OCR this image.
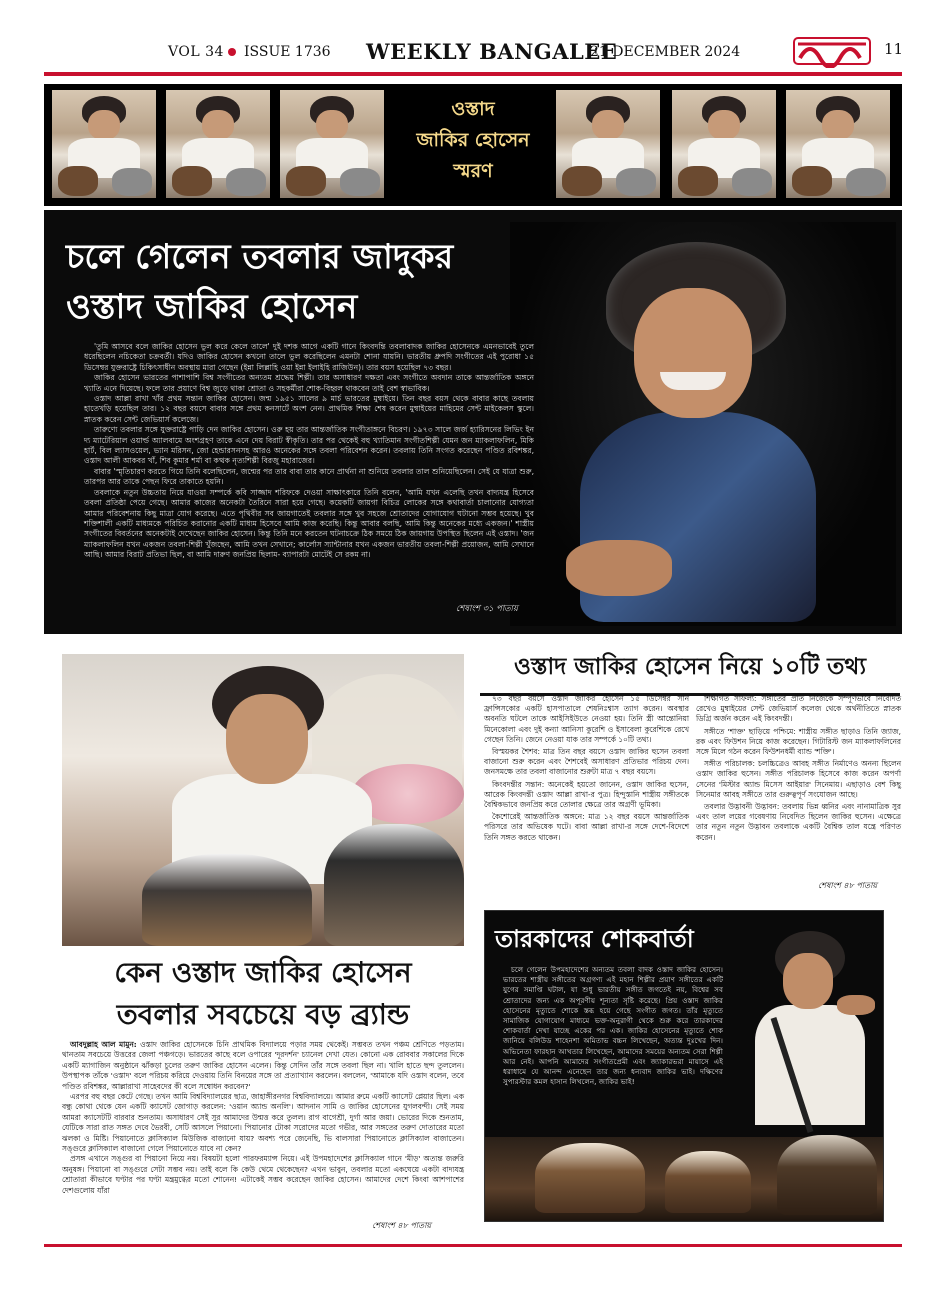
VOL 34 ISSUE 1736 WEEKLY BANGALEE
21 DECEMBER 2024	11
ওস্তাদ
জাকির হোসেন
স্মরণ
চলে গেলেন তবলার জাদুকর
ওস্তাদ জাকির হোসেন

'তুমি আসবে বলে জাকির হোসেন ভুল করে কেলে তালে' দুই দশক আগে একটি গানে কিংবদন্তি তবলাবাদক জাকির হোসেনকে এমনভাবেই তুলে ধরেছিলেন নচিকেতা চক্রবর্তী। যদিও জাকির হোসেন কখনো তালে ভুল করেছিলেন এমনটা শোনা যায়নি। ভারতীয় ধ্রুপদি সংগীতের এই পুরোধা ১৫ ডিসেম্বর যুক্তরাষ্ট্রে চিকিৎসাধীন অবস্থায় মারা গেছেন (ইন্না লিল্লাহি ওয়া ইন্না ইলাইহি রাজিউন)। তার বয়স হয়েছিল ৭৩ বছর।

জাকির হোসেন ভারতের পাশাপাশি বিশ্ব সংগীতের অন্যতম শ্রদ্ধেয় শিল্পী। তার অসাধারণ দক্ষতা এবং সংগীতে অবদান তাকে আন্তর্জাতিক অঙ্গনে খ্যাতি এনে দিয়েছে। ফলে তার প্রয়াণে বিশ্ব জুড়ে থাকা শ্রোতা ও সহকর্মীরা শোক-বিহ্বল থাকবেন তাই বেশ স্বাভাবিক।

ওস্তাদ আল্লা রাখা খাঁর প্রথম সন্তান জাকির হোসেন। জন্ম ১৯৫১ সালের ৯ মার্চ ভারতের মুম্বাইয়ে। তিন বছর বয়স থেকে বাবার কাছে তবলায় হাতেখড়ি হয়েছিল তার। ১২ বছর বয়সে বাবার সঙ্গে প্রথম কনসার্টে অংশ নেন। প্রাথমিক শিক্ষা শেষ করেন মুম্বাইয়ের মাহিমের সেন্ট মাইকেলস স্কুলে। স্নাতক করেন সেন্ট জেভিয়ার্স কলেজে।

তারুণ্যে তবলার সঙ্গে যুক্তরাষ্ট্রে পাড়ি দেন জাকির হোসেন। ওরু হয় তার আন্তর্জাতিক সংগীতাঙ্গনে বিচরণ। ১৯৭৩ সালে জর্জ হ্যারিসনের লিভিং ইন দ্য ম্যাটেরিয়াল ওয়ার্ল্ড অ্যালবামে অংশগ্রহণ তাকে এনে দেয় বিরাট স্বীকৃতি। তার পর থেকেই বহু খ্যাতিমান সংগীতশিল্পী যেমন জন ম্যাকলাফলিন, মিকি হার্ট, বিল ল্যাসওয়েল, ভ্যান মরিসন, জো হেন্ডারসনসহ আরও অনেকের সঙ্গে তবলা পরিবেশন করেন। তবলায় তিনি সংগত করেছেন পণ্ডিত রবিশঙ্কর, ওস্তাদ আলী আকবর খাঁ, শিব কুমার শর্মা বা কত্থক নৃত্যশিল্পী বিরজু মহারাজের।

বাবার 'স্মৃতিচারণ করতে গিয়ে তিনি বলেছিলেন, জন্মের পর তার বাবা তার কানে প্রার্থনা না শুনিয়ে তবলার তাল শুনিয়েছিলেন। সেই যে যাত্রা শুরু, তারপর আর তাকে পেছন ফিরে তাকাতে হয়নি।

তবলাকে নতুন উচ্চতায় নিয়ে যাওয়া সম্পর্কে কবি সাজ্জাদ শরিফকে দেওয়া সাক্ষাৎকারে তিনি বলেন, 'আমি যখন এলেছি তখন বাদ্যযন্ত্র হিসেবে তবলা প্রতিষ্ঠা পেয়ে গেছে। আমার কাজের অনেকটা তৈরিনে সারা হয়ে গেছে। কয়েকটি জায়গা বিচিত্র লোকের সঙ্গে কথাবার্তা চালানোর যোগ্যতা আমার পরিবেশনায় কিছু মাত্রা যোগ করেছে। এতে পৃথিবীর সব জায়গাতেই তবলার সঙ্গে খুব সহজে শ্রোতাদের যোগাযোগ ঘটানো সম্ভব হয়েছে। খুব শক্তিশালী একটি মাধ্যমকে পরিচিত করানোর একটি মাধ্যম হিসেবে আমি কাজ করেছি। কিন্তু আবার বলছি, আমি কিন্তু অনেকের মধ্যে একজন।' শাস্ত্রীয় সংগীতের বিবর্তনের অনেকটাই দেখেছেন জাকির হোসেন। কিন্তু তিনি মনে করতেন ঘটনাচক্রে ঠিক সময়ে ঠিক জায়গায় উপস্থিত ছিলেন এই ওস্তাদ। 'জন ম্যাকলাফলিন যখন একজন তবলা-শিল্পী খুঁজছেন, আমি তখন সেখানে; কার্লোস স্যান্টানার যখন একজন ভারতীয় তবলা-শিল্পী প্রয়োজন, আমি সেখানে আছি। আমার বিরাট প্রতিভা ছিল, বা আমি দারুণ জনপ্রিয় ছিলাম- ব্যাপারটা মোটেই সে রকম না।

শেষাংশ ৩১ পাতায়
ওস্তাদ জাকির হোসেন নিয়ে ১০টি তথ্য

৭৩ বছর বয়সে ওস্তাদ জাকির হোসেন ১৫ ডিসেম্বর সান ফ্রান্সিসকোর একটি হাসপাতালে শেষনিঃশ্বাস ত্যাগ করেন। অবস্থার অবনতি ঘটলে তাকে আইসিইউতে নেওয়া হয়। তিনি স্ত্রী আন্তোনিয়া মিনেকোলা এবং দুই কন্যা আনিসা কুরেশি ও ইসাবেলা কুরেশিকে রেখে গেছেন তিনি। জেনে নেওয়া যাক তার সম্পর্কে ১০টি তথ্য।

বিস্ময়কর শৈশব: মাত্র তিন বছর বয়সে ওস্তাদ জাকির হুসেন তবলা বাজানো শুরু করেন এবং শৈশবেই অসাধারণ প্রতিভার পরিচয় দেন। জনসমক্ষে তার তবলা বাজানোর শুরুটা মাত্র ৭ বছর বয়সে।

কিংবদন্তীর সন্তান: অনেকেই হয়তো জানেন, ওস্তাদ জাকির হুসেন, আরেক কিংবদন্তী ওস্তাদ আল্লা রাখা-র পুত্র। হিন্দুস্তানি শাস্ত্রীয় সঙ্গীতকে বৈশ্বিকভাবে জনপ্রিয় করে তোলার ক্ষেত্রে তার অগ্রণী ভূমিকা।

কৈশোরেই আন্তর্জাতিক অঙ্গনে: মাত্র ১২ বছর বয়সে আন্তর্জাতিক পরিসরে তার অভিষেক ঘটে। বাবা আল্লা রাখা-র সঙ্গে দেশে-বিদেশে তিনি সঙ্গত করতে থাকেন।

শিক্ষাগত সাফল্য: সঙ্গীতের প্রতি নিজেকে সম্পূর্ণভাবে নিবেদিত রেখেও মুম্বাইয়ের সেন্ট জেভিয়ার্স কলেজ থেকে অর্থনীতিতে স্নাতক ডিগ্রি অর্জন করেন এই কিংবদন্তী।

সঙ্গীতে 'শাক্ত' ছাড়িয়ে পশ্চিমে: শাস্ত্রীয় সঙ্গীত ছাড়াও তিনি জ্যাজ, রক এবং ফিউশন নিয়ে কাজ করেছেন। গিটারিস্ট জন ম্যাকলাফলিনের সঙ্গে মিলে গঠন করেন ফিউশনধর্মী ব্যান্ড 'শক্তি'।

সঙ্গীত পরিচালক: চলচ্চিত্রেও আবহ সঙ্গীত নির্মাণেও অনন্য ছিলেন ওস্তাদ জাকির হুসেন। সঙ্গীত পরিচালক হিসেবে কাজ করেন অপর্ণা সেনের 'মিস্টার অ্যান্ড মিসেস আইয়ার' সিনেমায়। এছাড়াও বেশ কিছু সিনেমার আবহ সঙ্গীতে তার গুরুত্বপূর্ণ সংযোজন আছে।

তবলার উদ্ভাবনী উদ্ভাবন: তবলায় ভিন্ন ধ্বনির এবং নানামাত্রিক সুর এবং তাল লয়ের গবেষণায় নিবেদিত ছিলেন জাকির হুসেন। এক্ষেত্রে তার নতুন নতুন উদ্ভাবন তবলাকে একটি বৈশ্বিক তাল যন্ত্রে পরিণত করেন।

শেষাংশ ৪৮ পাতায়
কেন ওস্তাদ জাকির হোসেন
তবলার সবচেয়ে বড় ব্র্যান্ড

আবদুল্লাহ আল মামুন: ওস্তাদ জাকির হোসেনকে চিনি প্রাথমিক বিদ্যালয়ে পড়ার সময় থেকেই। সম্ভবত তখন পঞ্চম শ্রেণিতে পড়তাম। থানতাম সবচেয়ে উত্তরের জেলা পঞ্চগড়ে। ভারতের কাছে বলে ওপারের 'দূরদর্শন' চ্যানেল দেখা যেত। কোনো এক রোববার সকালের দিকে একটি ম্যাগাজিন অনুষ্ঠানে ঝাঁকড়া চুলের তরুণ জাকির হোসেন এলেন। কিন্তু সেদিন তাঁর সঙ্গে তবলা ছিল না। খালি হাতে ছন্দ তুললেন। উপস্থাপক তাঁকে 'ওস্তাদ' বলে পরিচয় করিয়ে দেওয়ায় তিনি বিনয়ের সঙ্গে তা প্রত্যাখ্যান করলেন। বললেন, 'আমাকে যদি ওস্তাদ বলেন, তবে পণ্ডিত রবিশঙ্কর, আল্লারাখা সাহেবদের কী বলে সম্বোধন করবেন?'

এরপর বহু বছর কেটে গেছে। তখন আমি বিশ্ববিদ্যালয়ের ছাত্র, জাহাঙ্গীরনগর বিশ্ববিদ্যালয়ে। আমার রুমে একটি ক্যাসেট প্লেয়ার ছিল। এক বন্ধু কোথা থেকে যেন একটি ক্যাসেট জোগাড় করলেন: 'ওয়ান অ্যান্ড অনলি'। আদনান সামি ও জাকির হোসেনের যুগলবন্দী। সেই সময় আমরা ক্যাসেটটি বারবার শুনতাম। অসাধারণ সেই সুর আমাদের উন্মত্ত করে তুলল। রাগ বাগেশ্রী, দুর্গা আর জয়া। ভোরের দিকে শুনতাম, যেটিকে সারা রাত সঙ্গত দেবে ভৈরবী, সেটি আসলে পিয়ানো। পিয়ানোর টোকা সরোদের মতো গভীর, আর সঙ্গতের তরুণ দোতারের মতো ঝলকা ও মিষ্টি। পিয়ানোতে ক্লাসিক্যাল মিউজিক বাজানো যায়? অবশ্য পরে জেনেছি, ভি বালসারা পিয়ানোতে ক্লাসিক্যাল বাজাতেন। সঙ্গুরে ক্লাসিক্যাল বাজানো গেলে পিয়ানোতে যাবে না কেন?

প্রসঙ্গ এখানে সঙ্গুর বা পিয়ানো নিয়ে নয়। বিষয়টা হলো পারফরম্যান্স নিয়ে। এই উপমহাদেশের ক্লাসিক্যাল গানে 'মীড়' অত্যন্ত জরুরি অনুষঙ্গ। পিয়ানো বা সঙ্গুরে সেটা সম্ভব নয়। তাই বলে কি কেউ থেমে থেকেছেন? এখন ভাবুন, তবলার মতো একঘেয়ে একটা বাদ্যযন্ত্র শ্রোতারা কীভাবে ঘণ্টার পর ঘণ্টা মন্ত্রমুগ্ধের মতো শোনেন! এটাকেই সম্ভব করেছেন জাকির হোসেন। আমাদের দেশে কিংবা আশপাশের দেশগুলোয় যাঁরা

শেষাংশ ৪৮ পাতায়
তারকাদের শোকবার্তা

চলে গেলেন উপমহাদেশের অন্যতম তবলা বাদক ওস্তাদ জাকির হোসেন। ভারতের শাস্ত্রীয় সঙ্গীতের অগ্রগণ্য এই মহান শিল্পীর প্রয়াণ সঙ্গীতের একটি যুগের সমাপ্তি ঘটাল, যা শুধু ভারতীয় সঙ্গীত জগতেই নয়, বিশ্বের সব শ্রোতাদের জন্য এক অপূরণীয় শূন্যতা সৃষ্টি করেছে। প্রিয় ওস্তাদ জাকির হোসেনের মৃত্যুতে শোকে স্তব্ধ হয়ে গেছে সংগীত জগত। তাঁর মৃত্যুতে সামাজিক যোগাযোগ মাধ্যমে ভক্ত-অনুরাগী থেকে শুরু করে তারকাদের শোকবার্তা দেখা যাচ্ছে একের পর এক। জাকির হোসেনের মৃত্যুতে শোক জানিয়ে বলিউড শাহেনশা অমিতাভ বচ্চন লিখেছেন, অত্যন্ত দুঃখের দিন। অভিনেতা ফারহান আখতার লিখেছেন, আমাদের সময়ের অন্যতম সেরা শিল্পী আর নেই। আপনি আমাদের সংগীতপ্রেমী এবং জ্যাকারভরা মায়াসে এই ধরাধামে যে আনন্দ এনেছেন তার জন্য ধন্যবাদ জাকির ভাই। দক্ষিণের সুপারস্টার কমল হাসান লিখলেন, জাকির ভাই!
